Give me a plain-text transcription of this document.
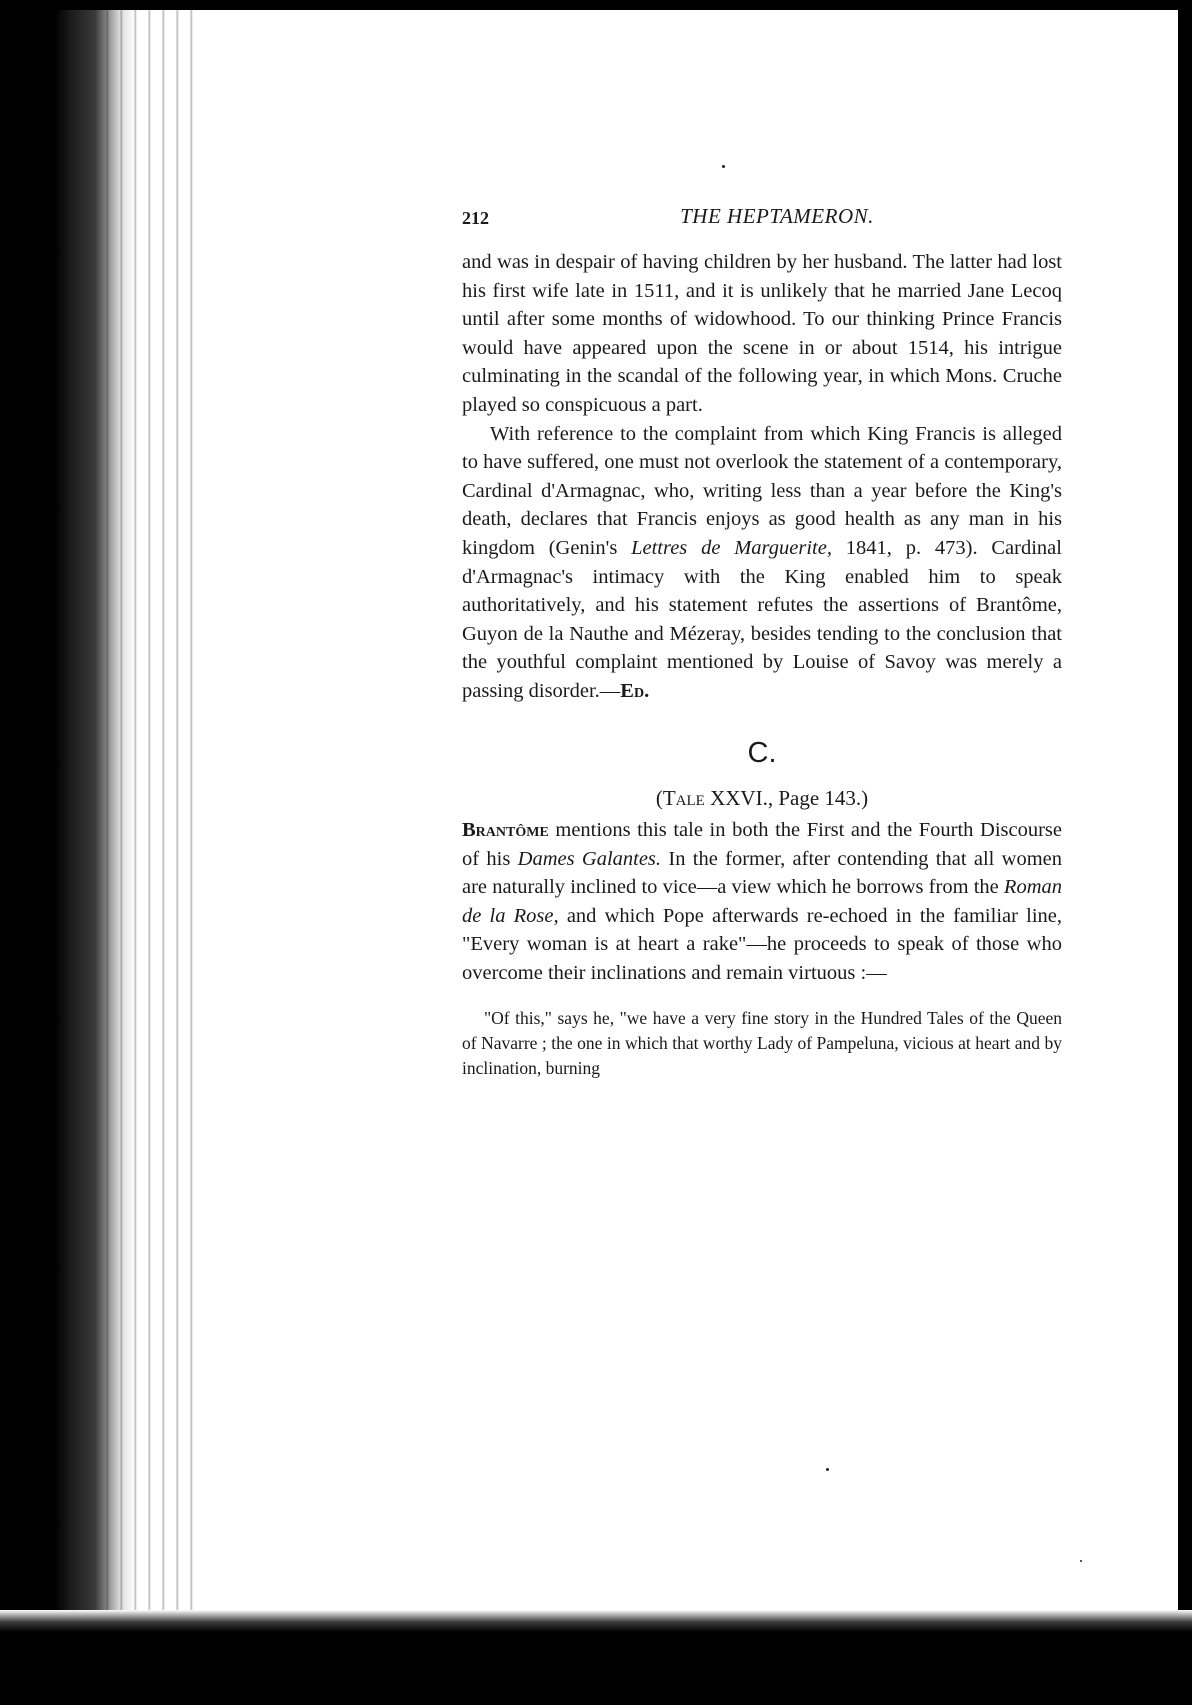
212	THE HEPTAMERON.

and was in despair of having children by her husband. The latter had lost his first wife late in 1511, and it is unlikely that he married Jane Lecoq until after some months of widowhood. To our thinking Prince Francis would have appeared upon the scene in or about 1514, his intrigue culminating in the scandal of the following year, in which Mons. Cruche played so conspicuous a part.

With reference to the complaint from which King Francis is alleged to have suffered, one must not overlook the statement of a contemporary, Cardinal d'Armagnac, who, writing less than a year before the King's death, declares that Francis enjoys as good health as any man in his kingdom (Genin's Lettres de Marguerite, 1841, p. 473). Cardinal d'Armagnac's intimacy with the King enabled him to speak authoritatively, and his statement refutes the assertions of Brantôme, Guyon de la Nauthe and Mézeray, besides tending to the conclusion that the youthful complaint mentioned by Louise of Savoy was merely a passing disorder.—Ed.

C.

(Tale XXVI., Page 143.)

Brantôme mentions this tale in both the First and the Fourth Discourse of his Dames Galantes. In the former, after contending that all women are naturally inclined to vice—a view which he borrows from the Roman de la Rose, and which Pope afterwards re-echoed in the familiar line, "Every woman is at heart a rake"—he proceeds to speak of those who overcome their inclinations and remain virtuous :—

"Of this," says he, "we have a very fine story in the Hundred Tales of the Queen of Navarre ; the one in which that worthy Lady of Pampeluna, vicious at heart and by inclination, burning
